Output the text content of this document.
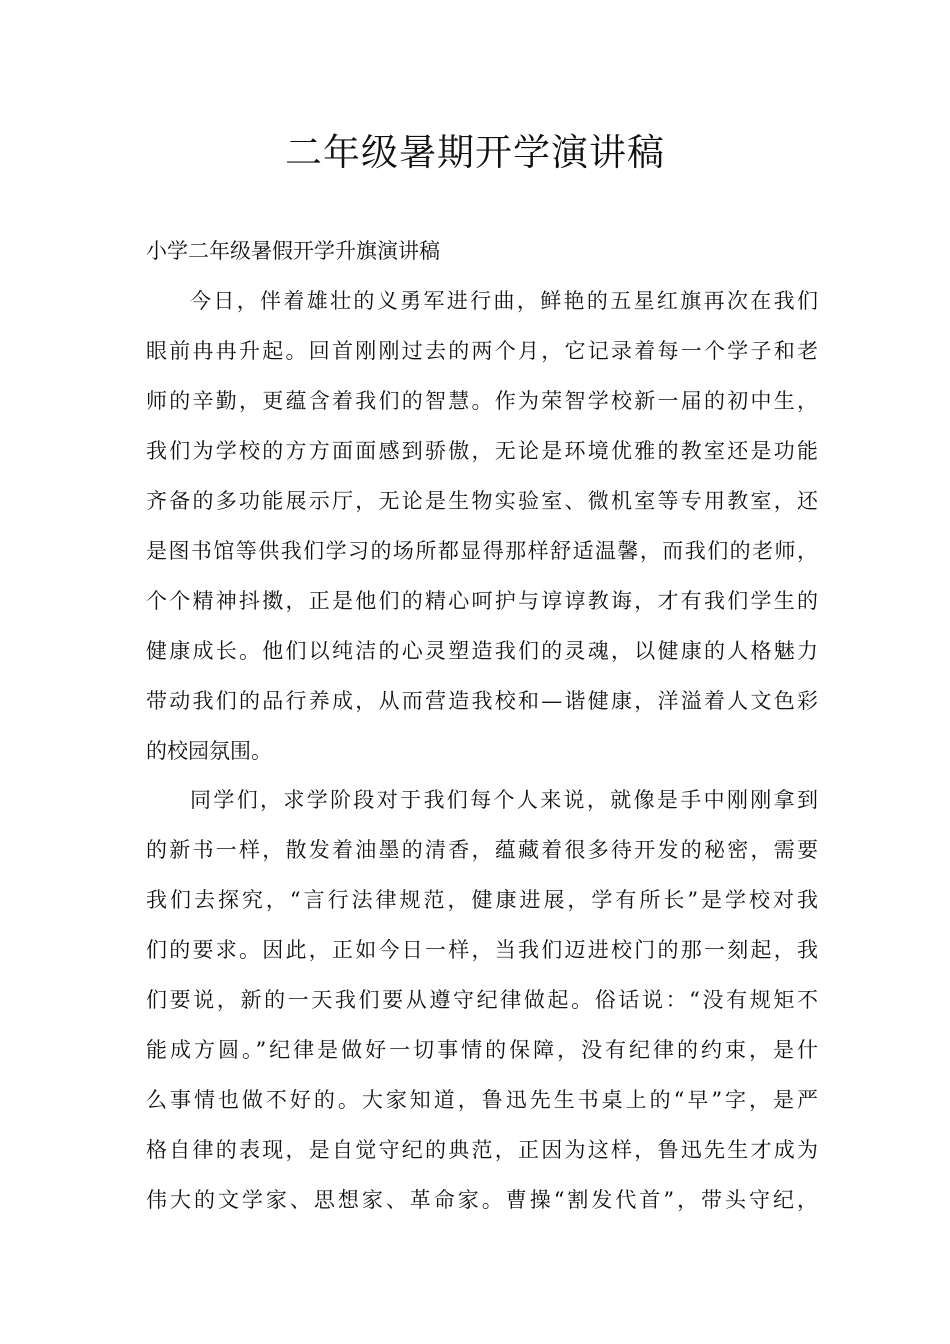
二年级暑期开学演讲稿

小学二年级暑假开学升旗演讲稿

今日，伴着雄壮的义勇军进行曲，鲜艳的五星红旗再次在我们
眼前冉冉升起。回首刚刚过去的两个月，它记录着每一个学子和老
师的辛勤，更蕴含着我们的智慧。作为荣智学校新一届的初中生，
我们为学校的方方面面感到骄傲，无论是环境优雅的教室还是功能
齐备的多功能展示厅，无论是生物实验室、微机室等专用教室，还
是图书馆等供我们学习的场所都显得那样舒适温馨，而我们的老师，
个个精神抖擞，正是他们的精心呵护与谆谆教诲，才有我们学生的
健康成长。他们以纯洁的心灵塑造我们的灵魂，以健康的人格魅力
带动我们的品行养成，从而营造我校和—谐健康，洋溢着人文色彩
的校园氛围。
同学们，求学阶段对于我们每个人来说，就像是手中刚刚拿到
的新书一样，散发着油墨的清香，蕴藏着很多待开发的秘密，需要
我们去探究，“言行法律规范，健康进展，学有所长”是学校对我
们的要求。因此，正如今日一样，当我们迈进校门的那一刻起，我
们要说，新的一天我们要从遵守纪律做起。俗话说：“没有规矩不
能成方圆。”纪律是做好一切事情的保障，没有纪律的约束，是什
么事情也做不好的。大家知道，鲁迅先生书桌上的“早”字，是严
格自律的表现，是自觉守纪的典范，正因为这样，鲁迅先生才成为
伟大的文学家、思想家、革命家。曹操“割发代首”，带头守纪，
